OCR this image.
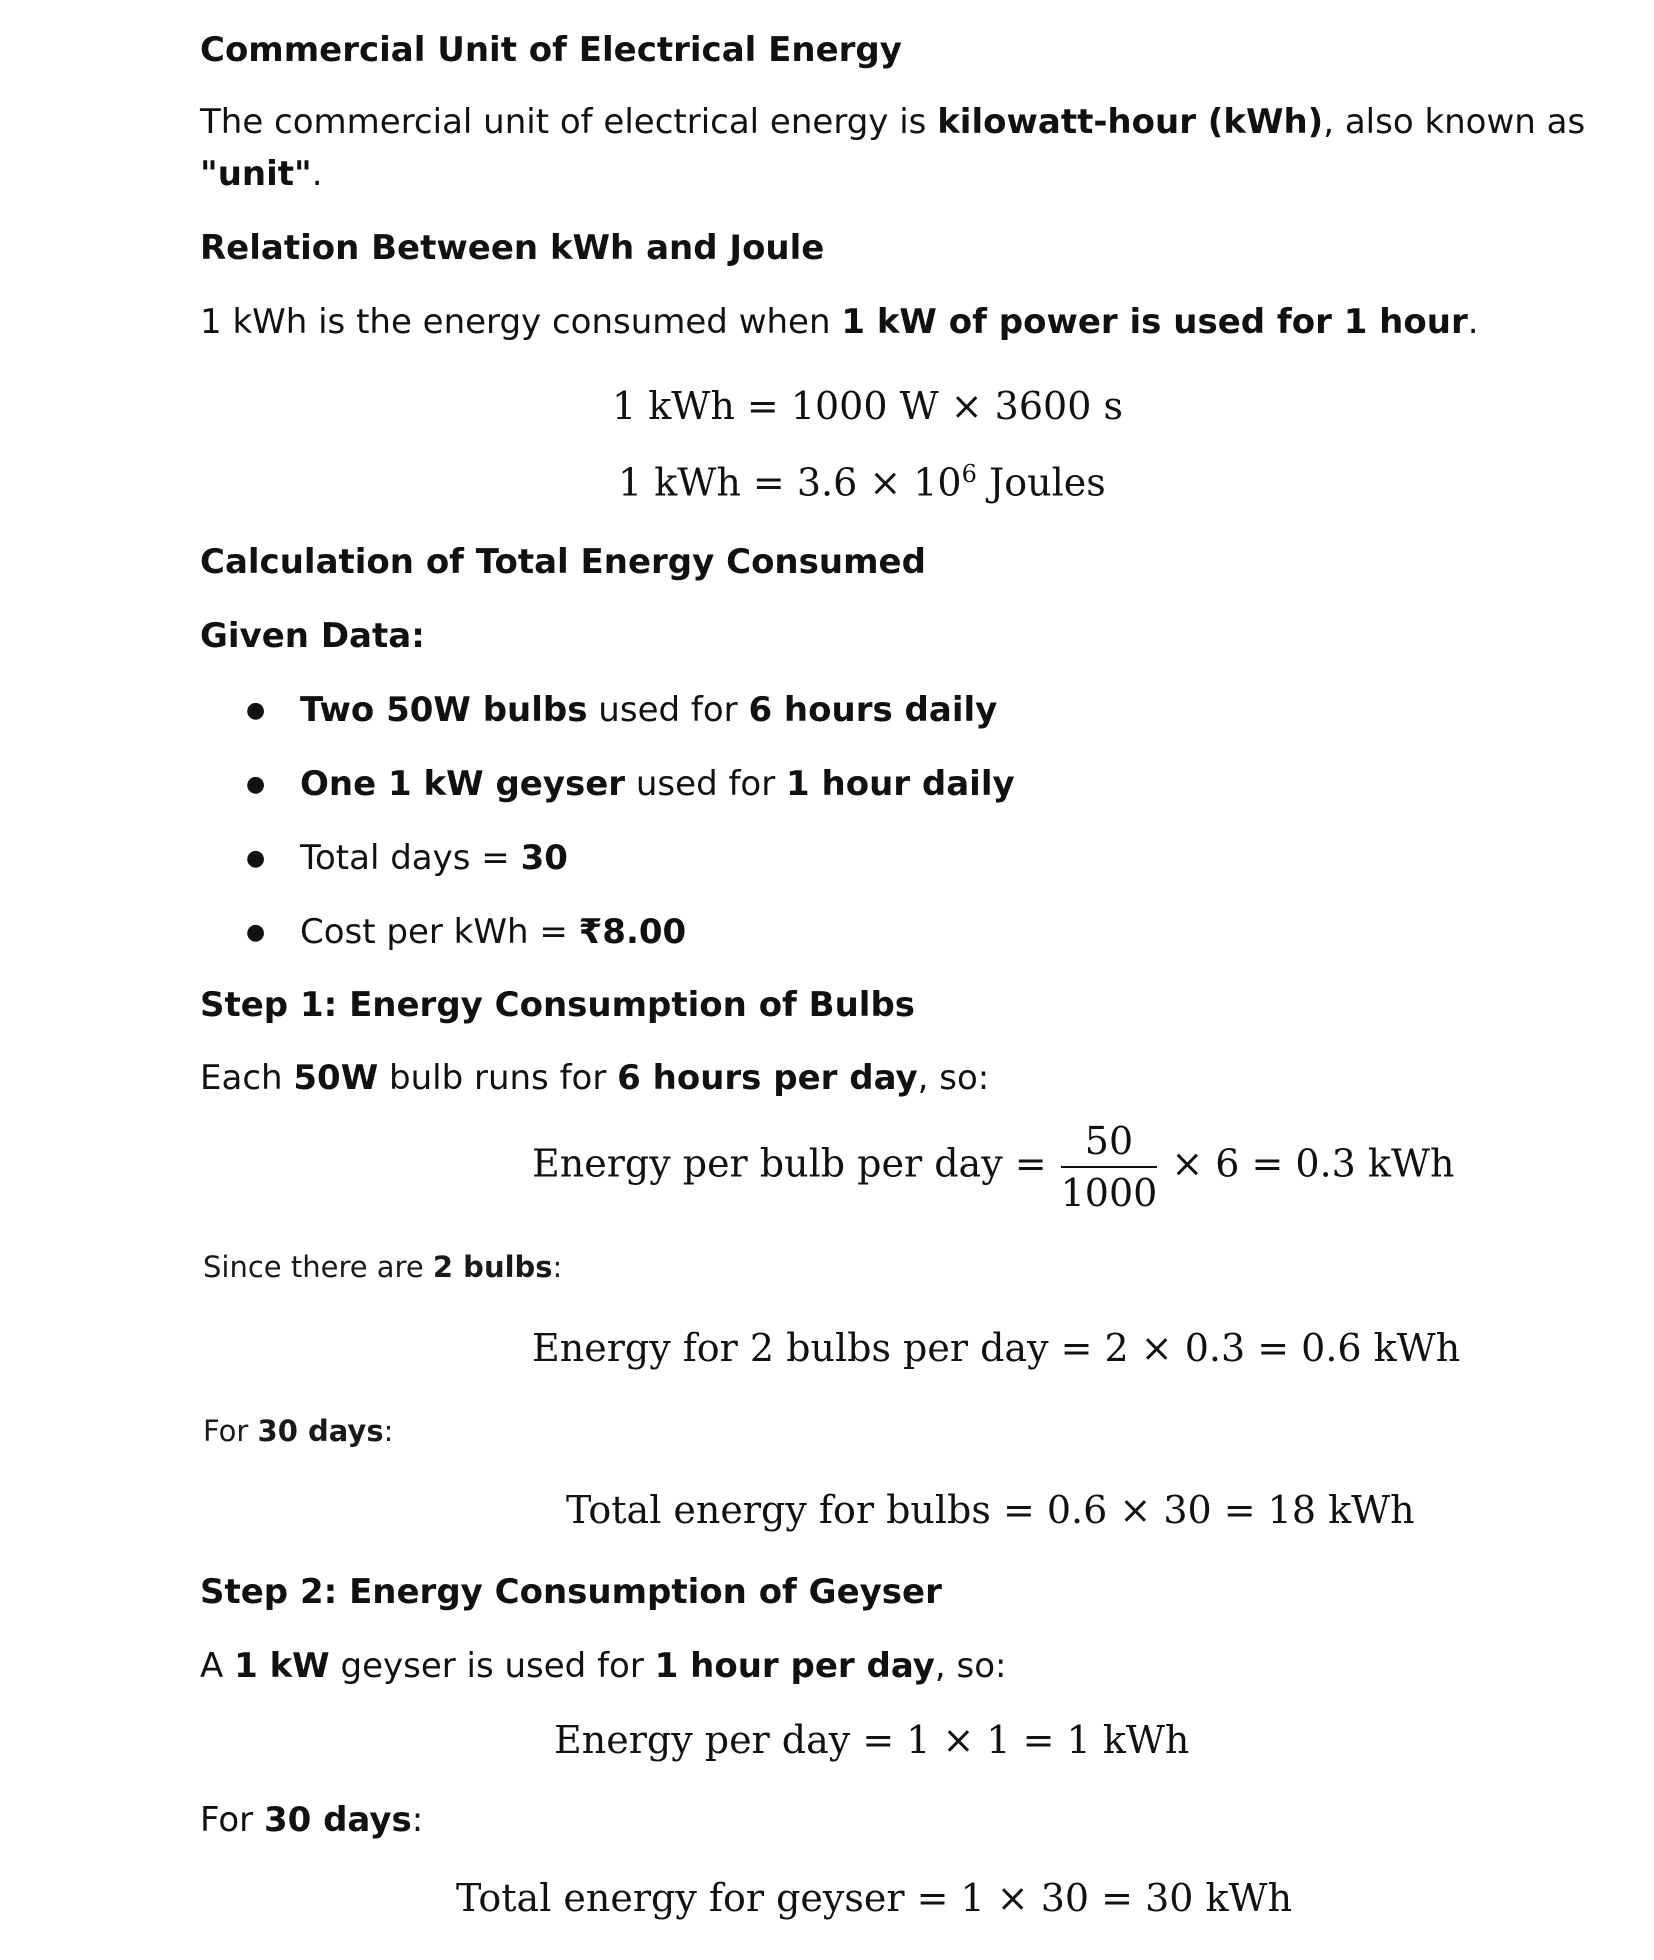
Commercial Unit of Electrical Energy
The commercial unit of electrical energy is kilowatt-hour (kWh), also known as
"unit".
Relation Between kWh and Joule
1 kWh is the energy consumed when 1 kW of power is used for 1 hour.
1 kWh = 1000 W × 3600 s
1 kWh = $3.6 \times 10^6$ Joules
Calculation of Total Energy Consumed
Given Data:
● Two 50W bulbs used for 6 hours daily
● One 1 kW geyser used for 1 hour daily
● Total days = 30
● Cost per kWh = ₹8.00
Step 1: Energy Consumption of Bulbs
Each 50W bulb runs for 6 hours per day, so:
Energy per bulb per day = $\frac{50}{1000} \times 6 = 0.3$ kWh
Since there are 2 bulbs:
Energy for 2 bulbs per day = 2 × 0.3 = 0.6 kWh
For 30 days:
Total energy for bulbs = 0.6 × 30 = 18 kWh
Step 2: Energy Consumption of Geyser
A 1 kW geyser is used for 1 hour per day, so:
Energy per day = 1 × 1 = 1 kWh
For 30 days:
Total energy for geyser = 1 × 30 = 30 kWh
